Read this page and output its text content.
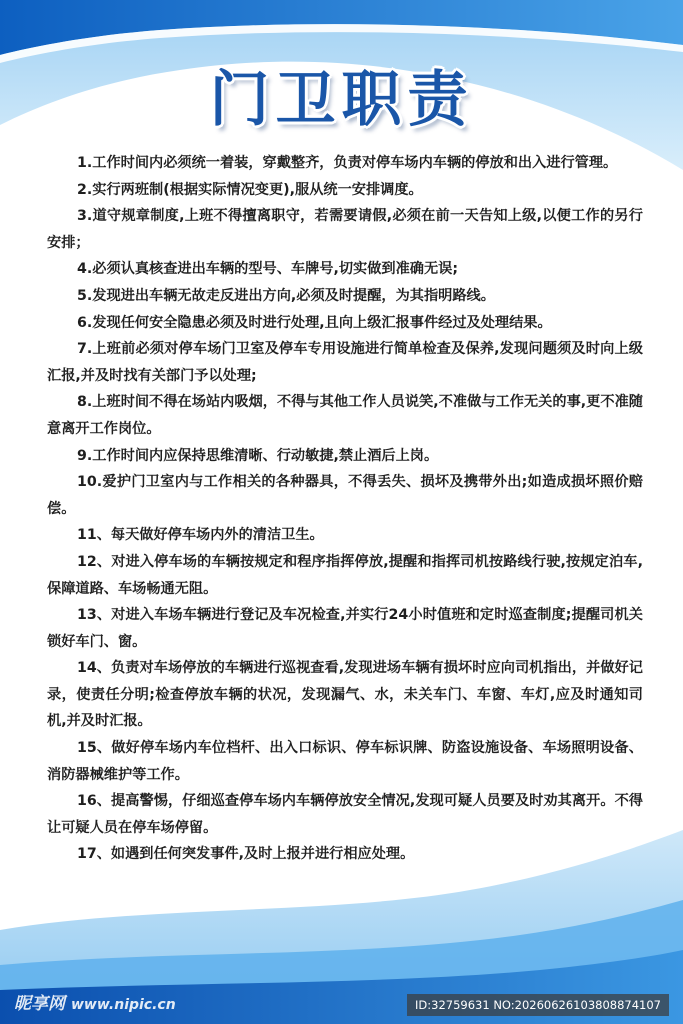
门卫职责

1.工作时间内必须统一着装，穿戴整齐，负责对停车场内车辆的停放和出入进行管理。

2.实行两班制(根据实际情况变更),服从统一安排调度。

3.道守规章制度,上班不得擅离职守，若需要请假,必须在前一天告知上级,以便工作的另行安排；

4.必须认真核查进出车辆的型号、车牌号,切实做到准确无误;

5.发现进出车辆无故走反进出方向,必须及时提醒，为其指明路线。

6.发现任何安全隐患必须及时进行处理,且向上级汇报事件经过及处理结果。

7.上班前必须对停车场门卫室及停车专用设施进行简单检查及保养,发现问题须及时向上级汇报,并及时找有关部门予以处理;

8.上班时间不得在场站内吸烟，不得与其他工作人员说笑,不准做与工作无关的事,更不准随意离开工作岗位。

9.工作时间内应保持思维清晰、行动敏捷,禁止酒后上岗。

10.爱护门卫室内与工作相关的各种器具，不得丢失、损坏及携带外出;如造成损坏照价赔偿。

11、每天做好停车场内外的清洁卫生。

12、对进入停车场的车辆按规定和程序指挥停放,提醒和指挥司机按路线行驶,按规定泊车,保障道路、车场畅通无阻。

13、对进入车场车辆进行登记及车况检查,并实行24小时值班和定时巡查制度;提醒司机关锁好车门、窗。

14、负责对车场停放的车辆进行巡视查看,发现进场车辆有损坏时应向司机指出，并做好记录，使责任分明;检查停放车辆的状况，发现漏气、水，未关车门、车窗、车灯,应及时通知司机,并及时汇报。

15、做好停车场内车位档杆、出入口标识、停车标识牌、防盗设施设备、车场照明设备、消防器械维护等工作。

16、提高警惕，仔细巡查停车场内车辆停放安全情况,发现可疑人员要及时劝其离开。不得让可疑人员在停车场停留。

17、如遇到任何突发事件,及时上报并进行相应处理。

昵享网 www.nipic.cn	ID:32759631 NO:20260626103808874107
